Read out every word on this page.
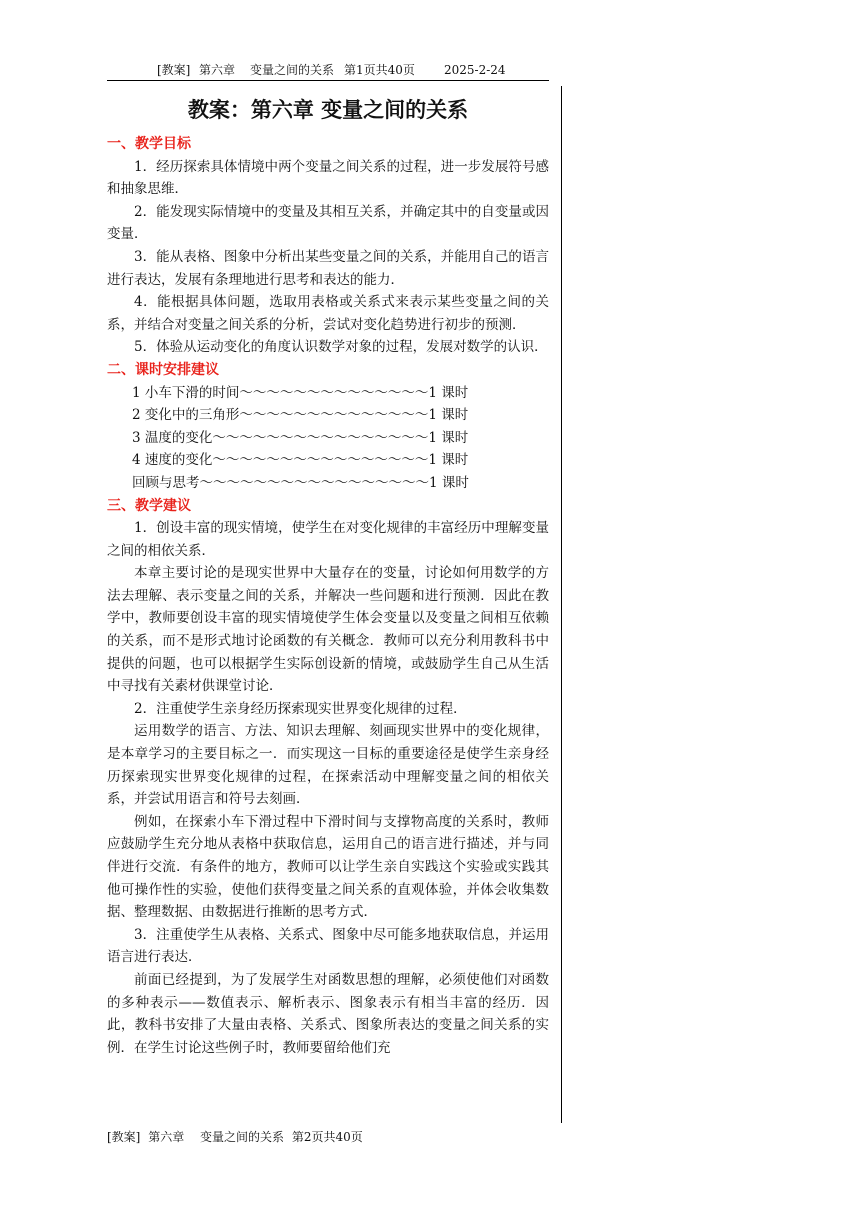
[教案] 第六章 变量之间的关系 第1页共40页 2025-2-24
教案：第六章 变量之间的关系
一、教学目标

1．经历探索具体情境中两个变量之间关系的过程，进一步发展符号感和抽象思维．

2．能发现实际情境中的变量及其相互关系，并确定其中的自变量或因变量．

3．能从表格、图象中分析出某些变量之间的关系，并能用自己的语言进行表达，发展有条理地进行思考和表达的能力．

4．能根据具体问题，选取用表格或关系式来表示某些变量之间的关系，并结合对变量之间关系的分析，尝试对变化趋势进行初步的预测．

5．体验从运动变化的角度认识数学对象的过程，发展对数学的认识．

二、课时安排建议
1 小车下滑的时间～～～～～～～～～～～～～～1 课时
2 变化中的三角形～～～～～～～～～～～～～～1 课时
3 温度的变化～～～～～～～～～～～～～～～～1 课时
4 速度的变化～～～～～～～～～～～～～～～～1 课时
回顾与思考～～～～～～～～～～～～～～～～～1 课时
三、教学建议

1．创设丰富的现实情境，使学生在对变化规律的丰富经历中理解变量之间的相依关系．

本章主要讨论的是现实世界中大量存在的变量，讨论如何用数学的方法去理解、表示变量之间的关系，并解决一些问题和进行预测．因此在教学中，教师要创设丰富的现实情境使学生体会变量以及变量之间相互依赖的关系，而不是形式地讨论函数的有关概念．教师可以充分利用教科书中提供的问题，也可以根据学生实际创设新的情境，或鼓励学生自己从生活中寻找有关素材供课堂讨论．

2．注重使学生亲身经历探索现实世界变化规律的过程．

运用数学的语言、方法、知识去理解、刻画现实世界中的变化规律，是本章学习的主要目标之一．而实现这一目标的重要途径是使学生亲身经历探索现实世界变化规律的过程，在探索活动中理解变量之间的相依关系，并尝试用语言和符号去刻画．

例如，在探索小车下滑过程中下滑时间与支撑物高度的关系时，教师应鼓励学生充分地从表格中获取信息，运用自己的语言进行描述，并与同伴进行交流．有条件的地方，教师可以让学生亲自实践这个实验或实践其他可操作性的实验，使他们获得变量之间关系的直观体验，并体会收集数据、整理数据、由数据进行推断的思考方式．

3．注重使学生从表格、关系式、图象中尽可能多地获取信息，并运用语言进行表达．

前面已经提到，为了发展学生对函数思想的理解，必须使他们对函数的多种表示——数值表示、解析表示、图象表示有相当丰富的经历．因此，教科书安排了大量由表格、关系式、图象所表达的变量之间关系的实例．在学生讨论这些例子时，教师要留给他们充

[教案] 第六章 变量之间的关系 第2页共40页
